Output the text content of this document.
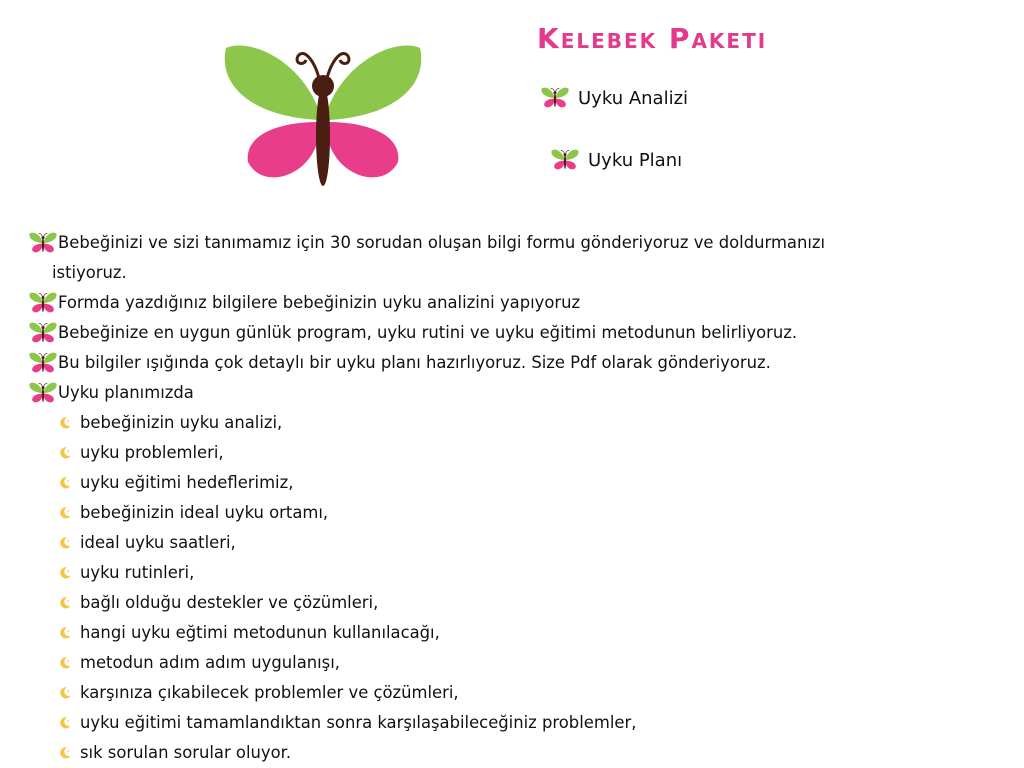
Kelebek Paketi
Uyku Analizi
Uyku Planı
Bebeğinizi ve sizi tanımamız için 30 sorudan oluşan bilgi formu gönderiyoruz ve doldurmanızı
istiyoruz.
Formda yazdığınız bilgilere bebeğinizin uyku analizini yapıyoruz
Bebeğinize en uygun günlük program, uyku rutini ve uyku eğitimi metodunun belirliyoruz.
Bu bilgiler ışığında çok detaylı bir uyku planı hazırlıyoruz. Size Pdf olarak gönderiyoruz.
Uyku planımızda
bebeğinizin uyku analizi,
uyku problemleri,
uyku eğitimi hedeflerimiz,
bebeğinizin ideal uyku ortamı,
ideal uyku saatleri,
uyku rutinleri,
bağlı olduğu destekler ve çözümleri,
hangi uyku eğtimi metodunun kullanılacağı,
metodun adım adım uygulanışı,
karşınıza çıkabilecek problemler ve çözümleri,
uyku eğitimi tamamlandıktan sonra karşılaşabileceğiniz problemler,
sık sorulan sorular oluyor.
